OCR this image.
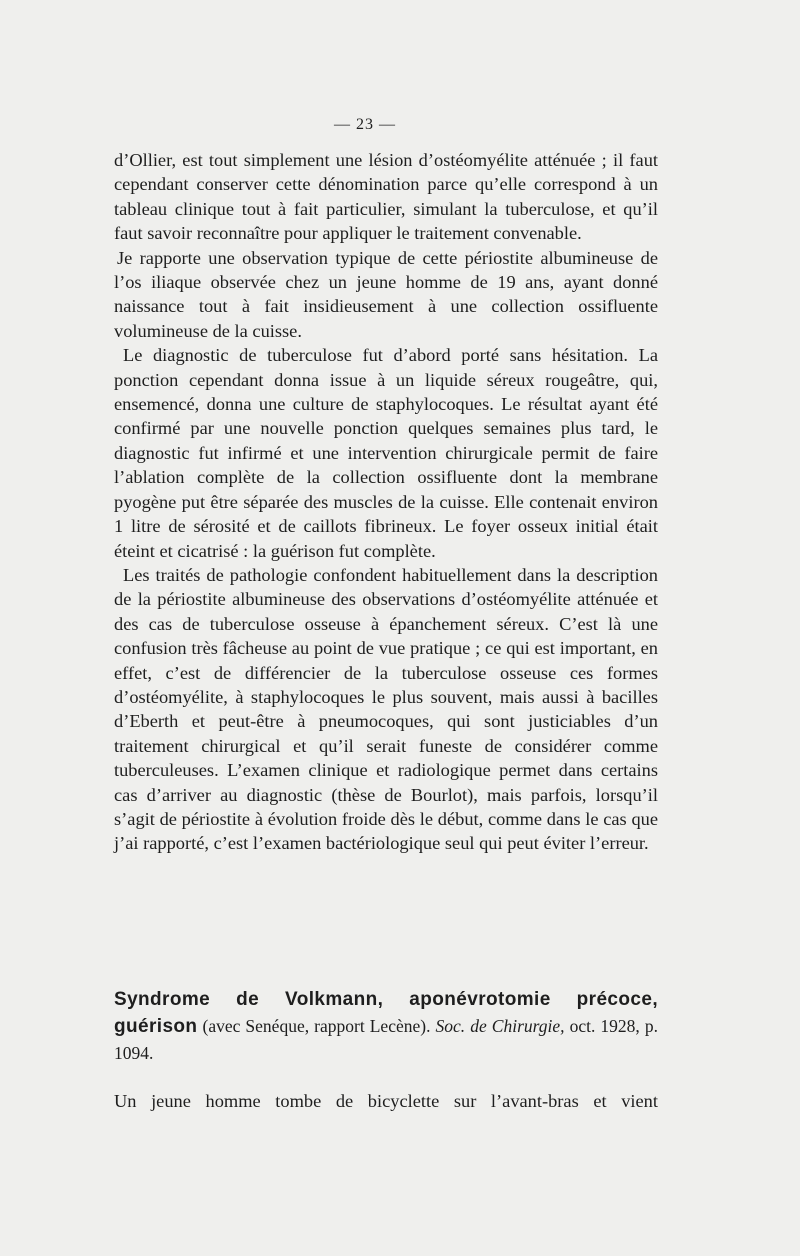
— 23 —

d’Ollier, est tout simplement une lésion d’ostéomyélite atténuée ; il faut cependant conserver cette dénomination parce qu’elle correspond à un tableau clinique tout à fait particulier, simulant la tuberculose, et qu’il faut savoir reconnaître pour appliquer le traitement convenable.

Je rapporte une observation typique de cette périostite albumineuse de l’os iliaque observée chez un jeune homme de 19 ans, ayant donné naissance tout à fait insidieusement à une collection ossifluente volumineuse de la cuisse.

Le diagnostic de tuberculose fut d’abord porté sans hésitation. La ponction cependant donna issue à un liquide séreux rougeâtre, qui, ensemencé, donna une culture de staphylocoques. Le résultat ayant été confirmé par une nouvelle ponction quelques semaines plus tard, le diagnostic fut infirmé et une intervention chirurgicale permit de faire l’ablation complète de la collection ossifluente dont la membrane pyogène put être séparée des muscles de la cuisse. Elle contenait environ 1 litre de sérosité et de caillots fibrineux. Le foyer osseux initial était éteint et cicatrisé : la guérison fut complète.

Les traités de pathologie confondent habituellement dans la description de la périostite albumineuse des observations d’ostéomyélite atténuée et des cas de tuberculose osseuse à épanchement séreux. C’est là une confusion très fâcheuse au point de vue pratique ; ce qui est important, en effet, c’est de différencier de la tuberculose osseuse ces formes d’ostéomyélite, à staphylocoques le plus souvent, mais aussi à bacilles d’Eberth et peut-être à pneumocoques, qui sont justiciables d’un traitement chirurgical et qu’il serait funeste de considérer comme tuberculeuses. L’examen clinique et radiologique permet dans certains cas d’arriver au diagnostic (thèse de Bourlot), mais parfois, lorsqu’il s’agit de périostite à évolution froide dès le début, comme dans le cas que j’ai rapporté, c’est l’examen bactériologique seul qui peut éviter l’erreur.

Syndrome de Volkmann, aponévrotomie précoce, guérison (avec Senéque, rapport Lecène). Soc. de Chirurgie, oct. 1928, p. 1094.

Un jeune homme tombe de bicyclette sur l’avant-bras et vient
